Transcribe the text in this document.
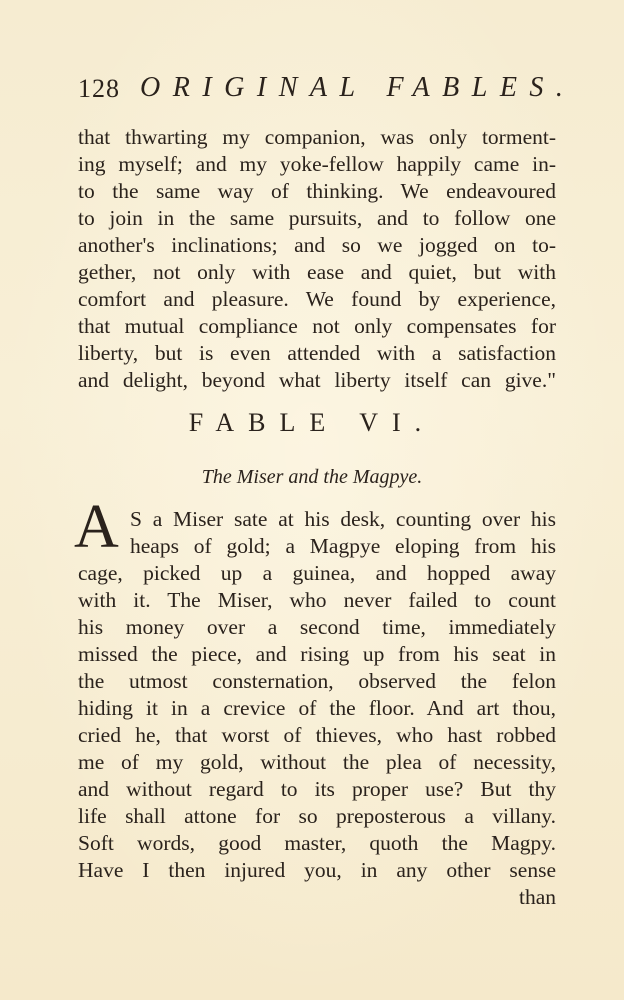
128 ORIGINAL FABLES.
that thwarting my companion, was only torment-
ing myself; and my yoke-fellow happily came in-
to the same way of thinking. We endeavoured
to join in the same pursuits, and to follow one
another's inclinations; and so we jogged on to-
gether, not only with ease and quiet, but with
comfort and pleasure. We found by experience,
that mutual compliance not only compensates for
liberty, but is even attended with a satisfaction
and delight, beyond what liberty itself can give."
FABLE VI.
The Miser and the Magpye.
A S a Miser sate at his desk, counting over his
heaps of gold; a Magpye eloping from his
cage, picked up a guinea, and hopped away
with it. The Miser, who never failed to count
his money over a second time, immediately
missed the piece, and rising up from his seat in
the utmost consternation, observed the felon
hiding it in a crevice of the floor. And art thou,
cried he, that worst of thieves, who hast robbed
me of my gold, without the plea of necessity,
and without regard to its proper use? But thy
life shall attone for so preposterous a villany.
Soft words, good master, quoth the Magpy.
Have I then injured you, in any other sense
than
